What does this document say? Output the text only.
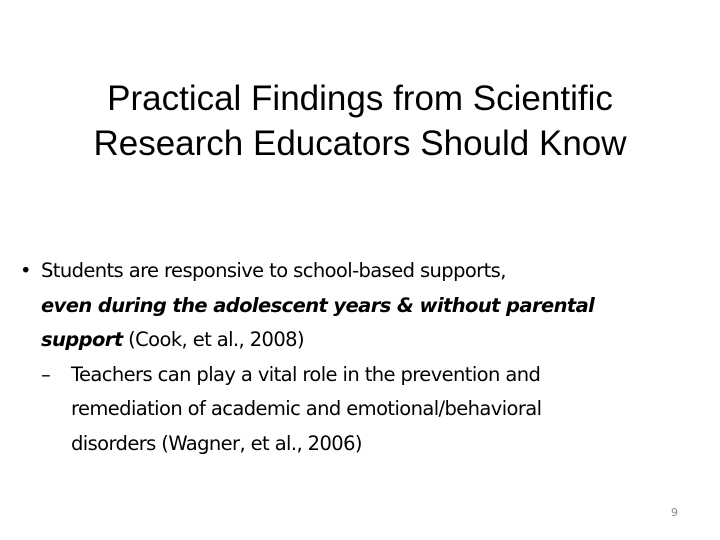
Practical Findings from Scientific
Research Educators Should Know
• Students are responsive to school-based supports,
even during the adolescent years & without parental
support (Cook, et al., 2008)
– Teachers can play a vital role in the prevention and
remediation of academic and emotional/behavioral
disorders (Wagner, et al., 2006)
9
